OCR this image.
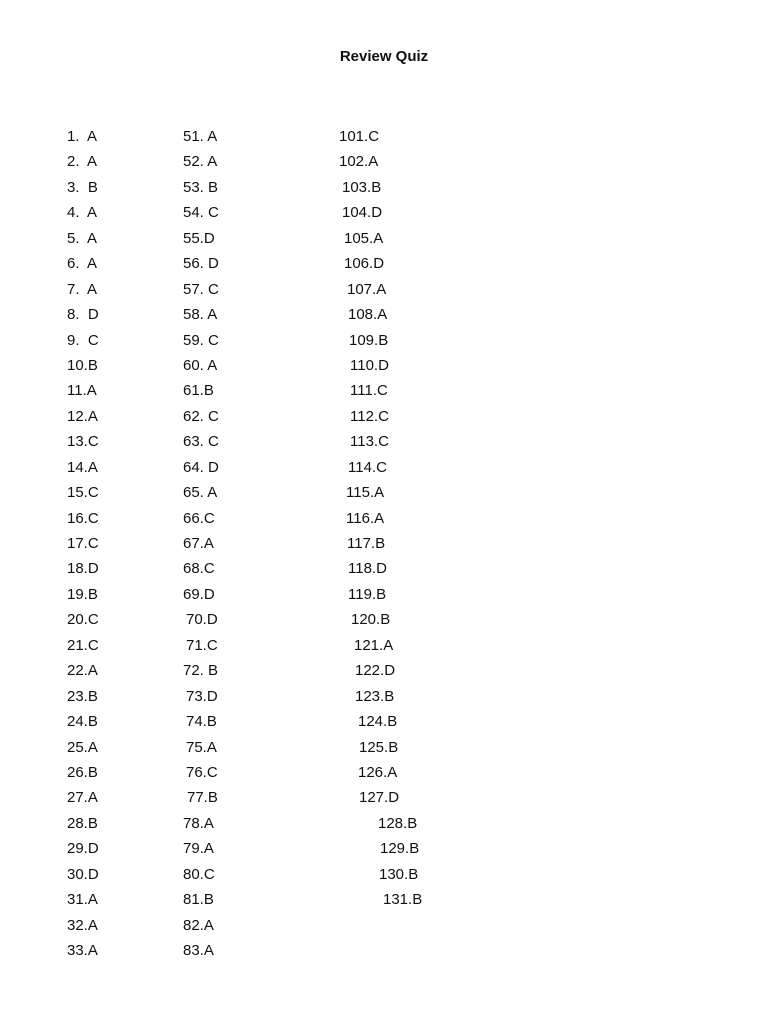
Review Quiz
1.  A
2.  A
3.  B
4.  A
5.  A
6.  A
7.  A
8.  D
9.  C
10.B
11.A
12.A
13.C
14.A
15.C
16.C
17.C
18.D
19.B
20.C
21.C
22.A
23.B
24.B
25.A
26.B
27.A
28.B
29.D
30.D
31.A
32.A
33.A
51. A
52. A
53. B
54. C
55.D
56. D
57. C
58. A
59. C
60. A
61.B
62. C
63. C
64. D
65. A
66.C
67.A
68.C
69.D
70.D
71.C
72. B
73.D
74.B
75.A
76.C
77.B
78.A
79.A
80.C
81.B
82.A
83.A
101.C
102.A
103.B
104.D
105.A
106.D
107.A
108.A
109.B
110.D
111.C
112.C
113.C
114.C
115.A
116.A
117.B
118.D
119.B
120.B
121.A
122.D
123.B
124.B
125.B
126.A
127.D
128.B
129.B
130.B
131.B
